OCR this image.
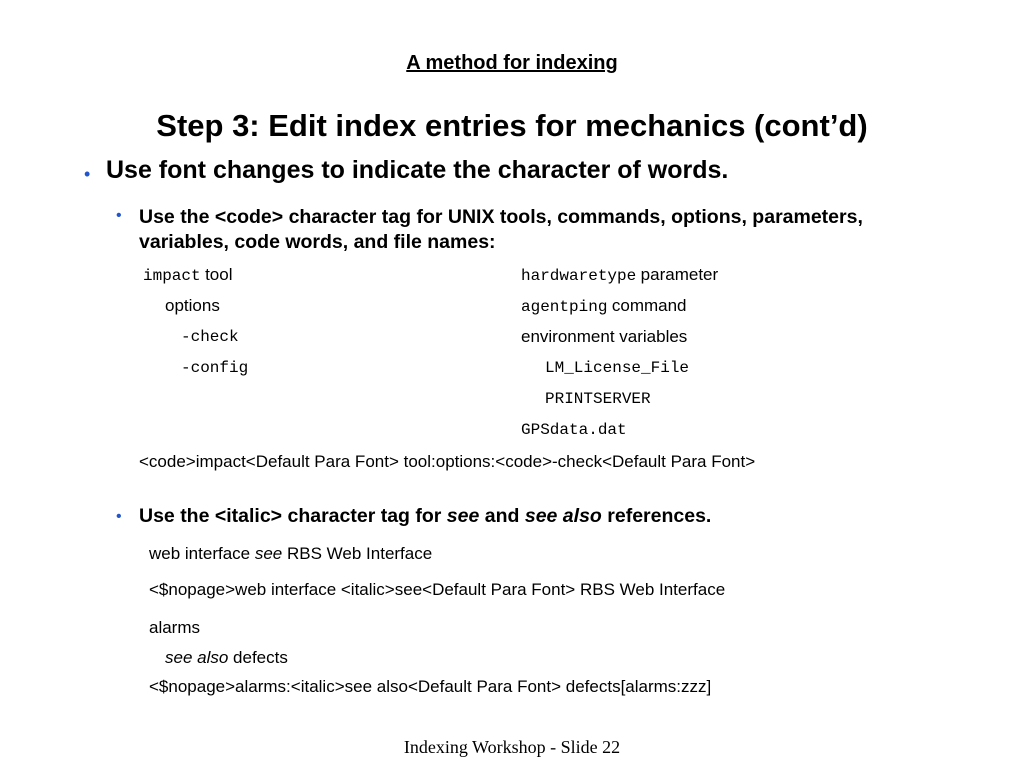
A method for indexing
Step 3: Edit index entries for mechanics (cont’d)
• Use font changes to indicate the character of words.
• Use the <code> character tag for UNIX tools, commands, options, parameters, variables, code words, and file names:
impact tool
options
-check
-config
hardwaretype parameter
agentping command
environment variables
LM_License_File
PRINTSERVER
GPSdata.dat
<code>impact<Default Para Font> tool:options:<code>-check<Default Para Font>
• Use the <italic> character tag for see and see also references.
web interface see RBS Web Interface
<$nopage>web interface <italic>see<Default Para Font> RBS Web Interface
alarms
see also defects
<$nopage>alarms:<italic>see also<Default Para Font> defects[alarms:zzz]
Indexing Workshop - Slide 22
